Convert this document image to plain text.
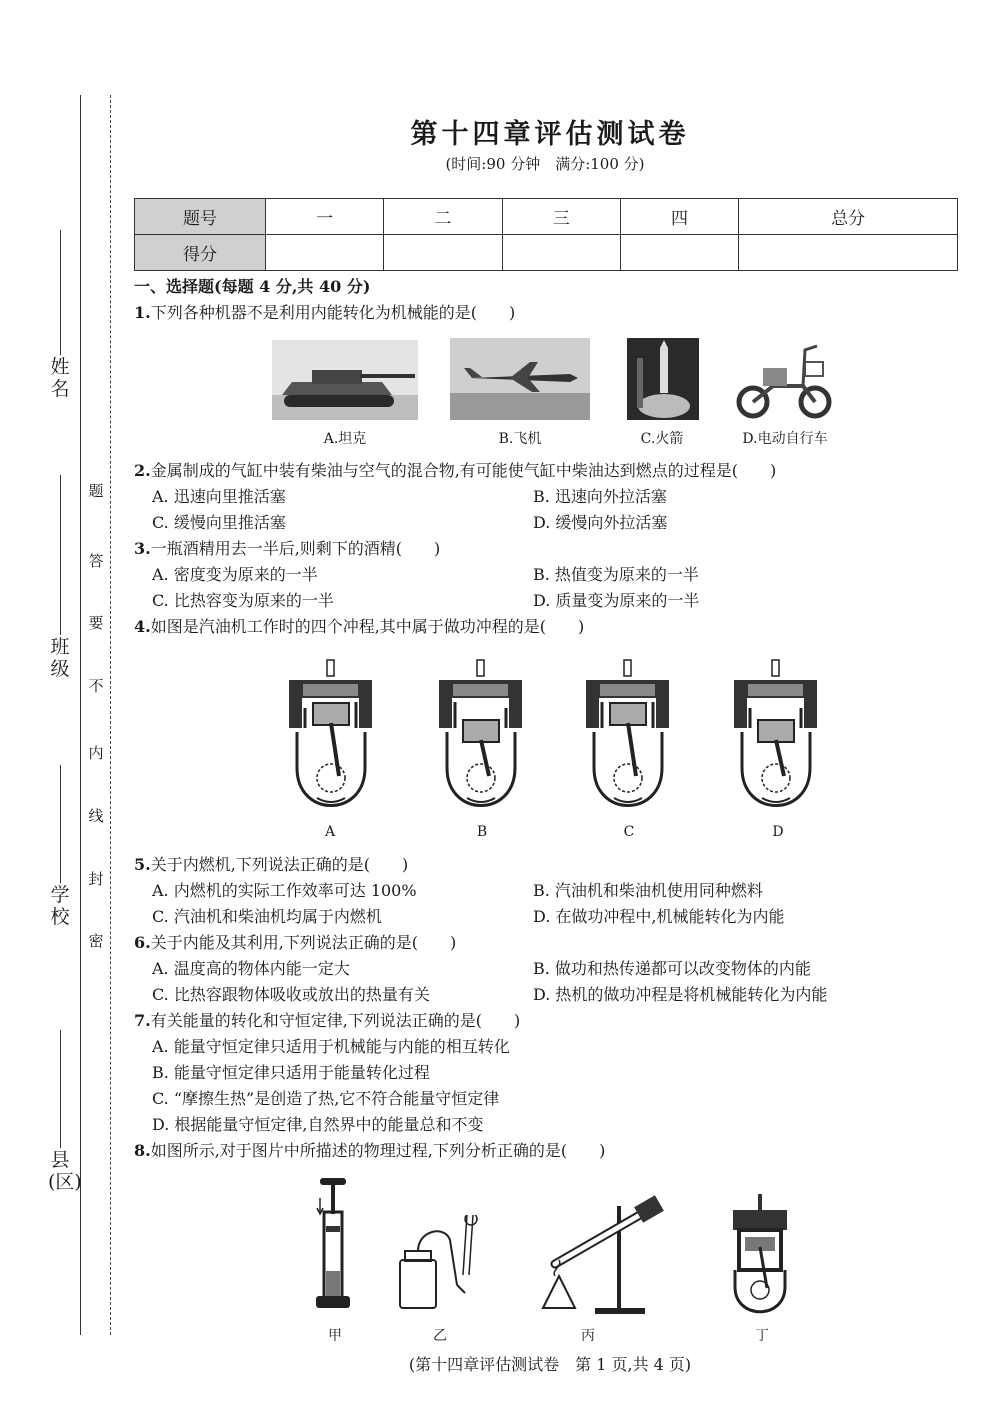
姓名
班级
学校
县(区)
题
答
要
不
内
线
封
密
第十四章评估测试卷
(时间:90 分钟　满分:100 分)
题号	一	二	三	四	总分
得分					
一、选择题(每题 4 分,共 40 分)
1.下列各种机器不是利用内能转化为机械能的是(　　)
A.坦克	B.飞机	C.火箭	D.电动自行车
2.金属制成的气缸中装有柴油与空气的混合物,有可能使气缸中柴油达到燃点的过程是(　　)
A. 迅速向里推活塞	B. 迅速向外拉活塞
C. 缓慢向里推活塞	D. 缓慢向外拉活塞
3.一瓶酒精用去一半后,则剩下的酒精(　　)
A. 密度变为原来的一半	B. 热值变为原来的一半
C. 比热容变为原来的一半	D. 质量变为原来的一半
4.如图是汽油机工作时的四个冲程,其中属于做功冲程的是(　　)
A	B	C	D
5.关于内燃机,下列说法正确的是(　　)
A. 内燃机的实际工作效率可达 100%	B. 汽油机和柴油机使用同种燃料
C. 汽油机和柴油机均属于内燃机	D. 在做功冲程中,机械能转化为内能
6.关于内能及其利用,下列说法正确的是(　　)
A. 温度高的物体内能一定大	B. 做功和热传递都可以改变物体的内能
C. 比热容跟物体吸收或放出的热量有关	D. 热机的做功冲程是将机械能转化为内能
7.有关能量的转化和守恒定律,下列说法正确的是(　　)
A. 能量守恒定律只适用于机械能与内能的相互转化
B. 能量守恒定律只适用于能量转化过程
C. “摩擦生热”是创造了热,它不符合能量守恒定律
D. 根据能量守恒定律,自然界中的能量总和不变
8.如图所示,对于图片中所描述的物理过程,下列分析正确的是(　　)
甲	乙	丙	丁
(第十四章评估测试卷　第 1 页,共 4 页)
